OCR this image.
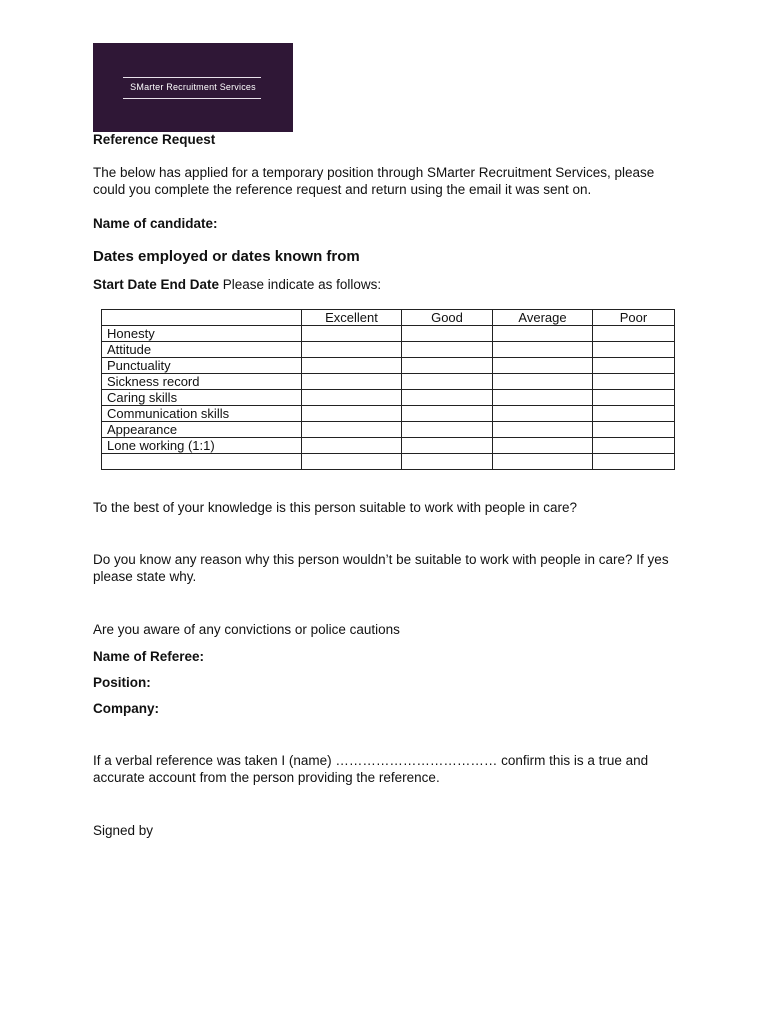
SMarter Recruitment Services
Reference Request
The below has applied for a temporary position through SMarter Recruitment Services, please could you complete the reference request and return using the email it was sent on.
Name of candidate:
Dates employed or dates known from
Start Date End Date Please indicate as follows:
	Excellent	Good	Average	Poor
Honesty				
Attitude				
Punctuality				
Sickness record				
Caring skills				
Communication skills				
Appearance				
Lone working (1:1)				

To the best of your knowledge is this person suitable to work with people in care?
Do you know any reason why this person wouldn’t be suitable to work with people in care? If yes please state why.
Are you aware of any convictions or police cautions
Name of Referee:
Position:
Company:
If a verbal reference was taken I (name) ……………………………… confirm this is a true and accurate account from the person providing the reference.
Signed by
